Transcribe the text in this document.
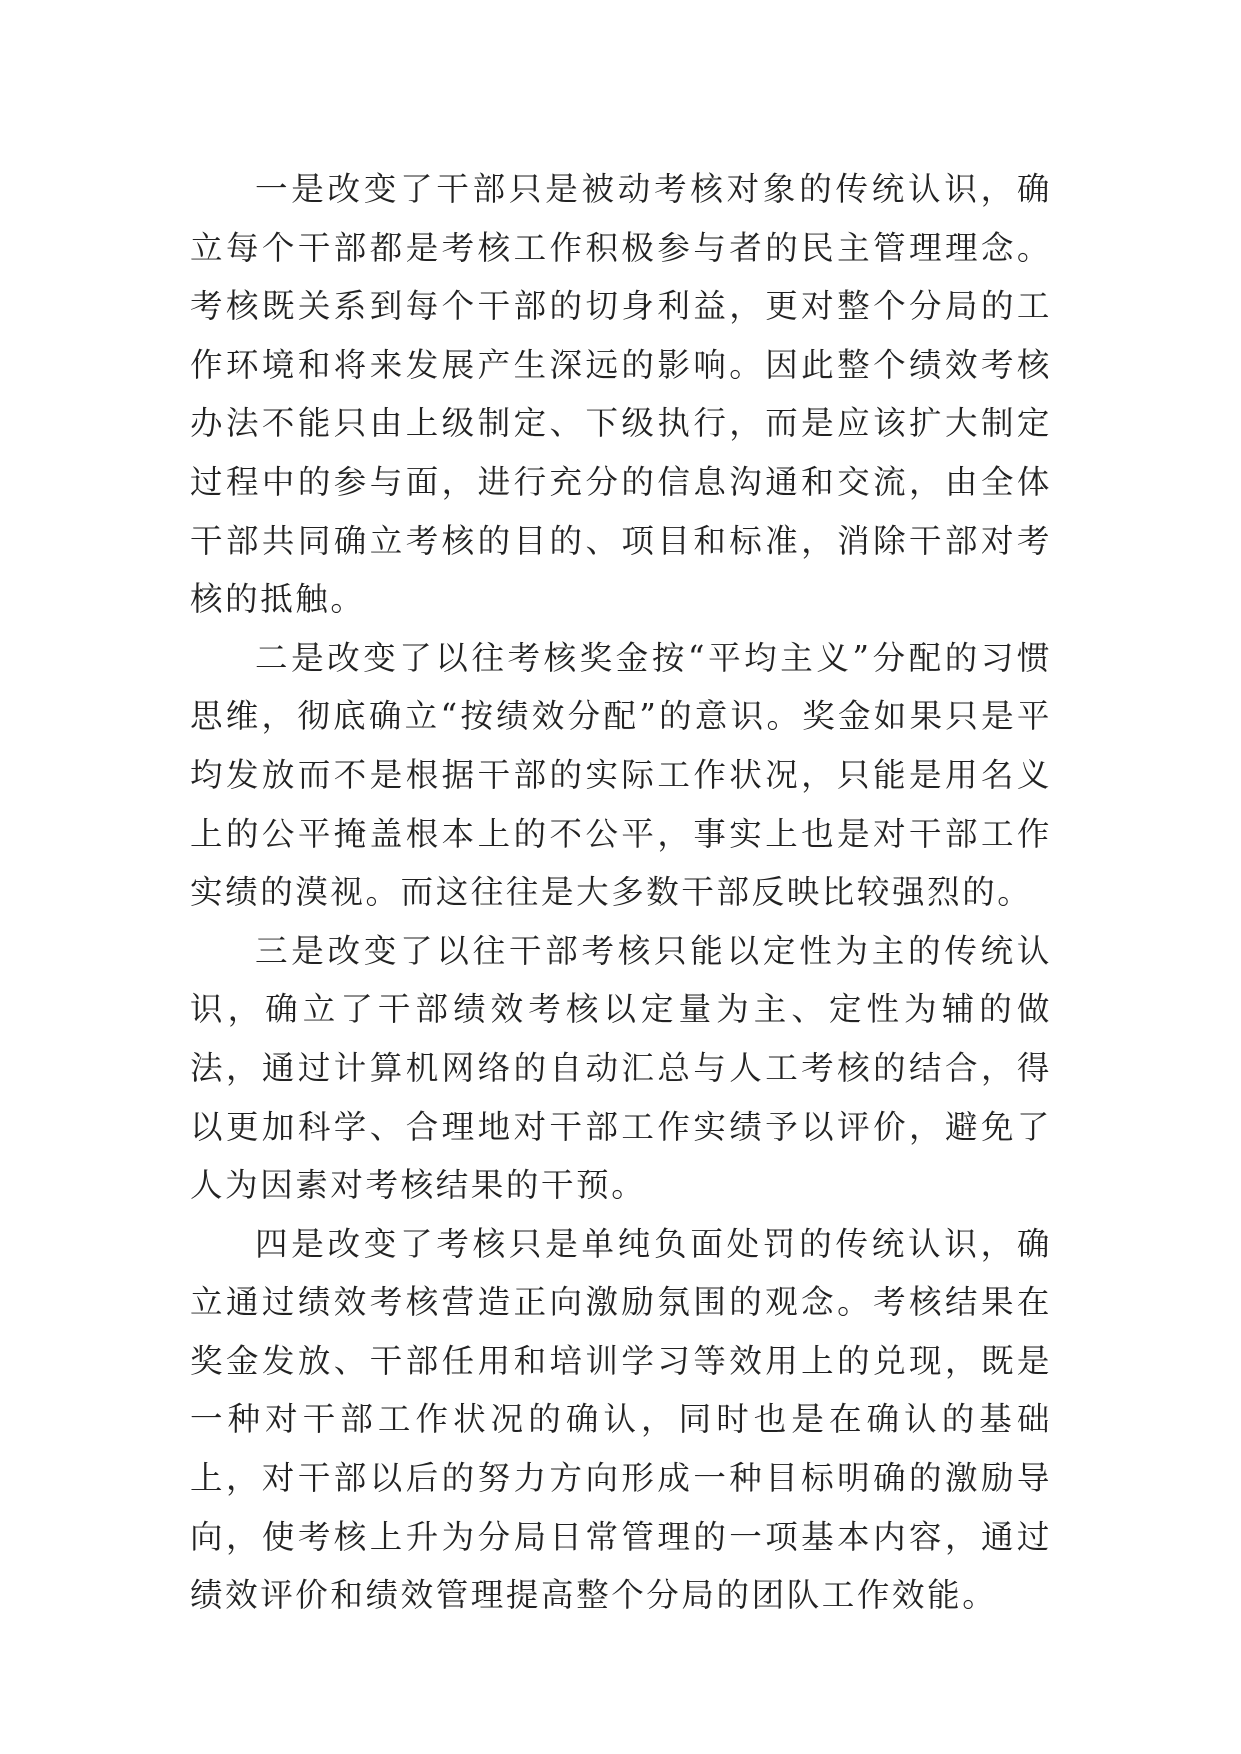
一是改变了干部只是被动考核对象的传统认识，确立每个干部都是考核工作积极参与者的民主管理理念。考核既关系到每个干部的切身利益，更对整个分局的工作环境和将来发展产生深远的影响。因此整个绩效考核办法不能只由上级制定、下级执行，而是应该扩大制定过程中的参与面，进行充分的信息沟通和交流，由全体干部共同确立考核的目的、项目和标准，消除干部对考核的抵触。

二是改变了以往考核奖金按“平均主义”分配的习惯思维，彻底确立“按绩效分配”的意识。奖金如果只是平均发放而不是根据干部的实际工作状况，只能是用名义上的公平掩盖根本上的不公平，事实上也是对干部工作实绩的漠视。而这往往是大多数干部反映比较强烈的。

三是改变了以往干部考核只能以定性为主的传统认识，确立了干部绩效考核以定量为主、定性为辅的做法，通过计算机网络的自动汇总与人工考核的结合，得以更加科学、合理地对干部工作实绩予以评价，避免了人为因素对考核结果的干预。

四是改变了考核只是单纯负面处罚的传统认识，确立通过绩效考核营造正向激励氛围的观念。考核结果在奖金发放、干部任用和培训学习等效用上的兑现，既是一种对干部工作状况的确认，同时也是在确认的基础上，对干部以后的努力方向形成一种目标明确的激励导向，使考核上升为分局日常管理的一项基本内容，通过绩效评价和绩效管理提高整个分局的团队工作效能。
